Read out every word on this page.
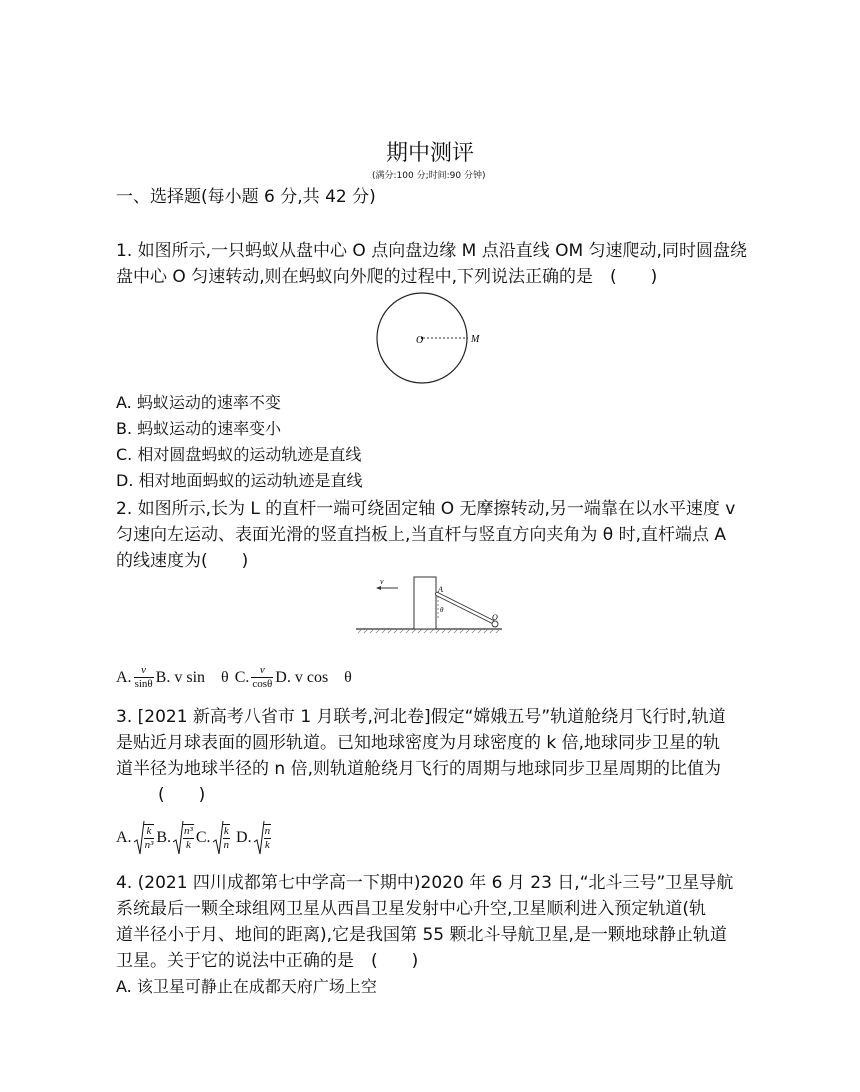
期中测评
(满分:100 分;时间:90 分钟)
一、选择题(每小题 6 分,共 42 分)
1. 如图所示,一只蚂蚁从盘中心 O 点向盘边缘 M 点沿直线 OM 匀速爬动,同时圆盘绕
盘中心 O 匀速转动,则在蚂蚁向外爬的过程中,下列说法正确的是　(　　)
O	M
A. 蚂蚁运动的速率不变
B. 蚂蚁运动的速率变小
C. 相对圆盘蚂蚁的运动轨迹是直线
D. 相对地面蚂蚁的运动轨迹是直线
2. 如图所示,长为 L 的直杆一端可绕固定轴 O 无摩擦转动,另一端靠在以水平速度 v
匀速向左运动、表面光滑的竖直挡板上,当直杆与竖直方向夹角为 θ 时,直杆端点 A
的线速度为(　　)
v
A
θ
O
A. $\frac{v}{\sin\theta} B$. v sin　θ C. $\frac{v}{\cos\theta} D$. v cos　θ
3. [2021 新高考八省市 1 月联考,河北卷]假定“嫦娥五号”轨道舱绕月飞行时,轨道
是贴近月球表面的圆形轨道。已知地球密度为月球密度的 k 倍,地球同步卫星的轨
道半径为地球半径的 n 倍,则轨道舱绕月飞行的周期与地球同步卫星周期的比值为
(　　)
A. $\frac{k}{\text{n³}} B$. $\frac{\text{n³}}{k} C$. $\frac{k}{n} D$. $\frac{n}{k}$
4. (2021 四川成都第七中学高一下期中)2020 年 6 月 23 日,“北斗三号”卫星导航
系统最后一颗全球组网卫星从西昌卫星发射中心升空,卫星顺利进入预定轨道(轨
道半径小于月、地间的距离),它是我国第 55 颗北斗导航卫星,是一颗地球静止轨道
卫星。关于它的说法中正确的是　(　　)
A. 该卫星可静止在成都天府广场上空
